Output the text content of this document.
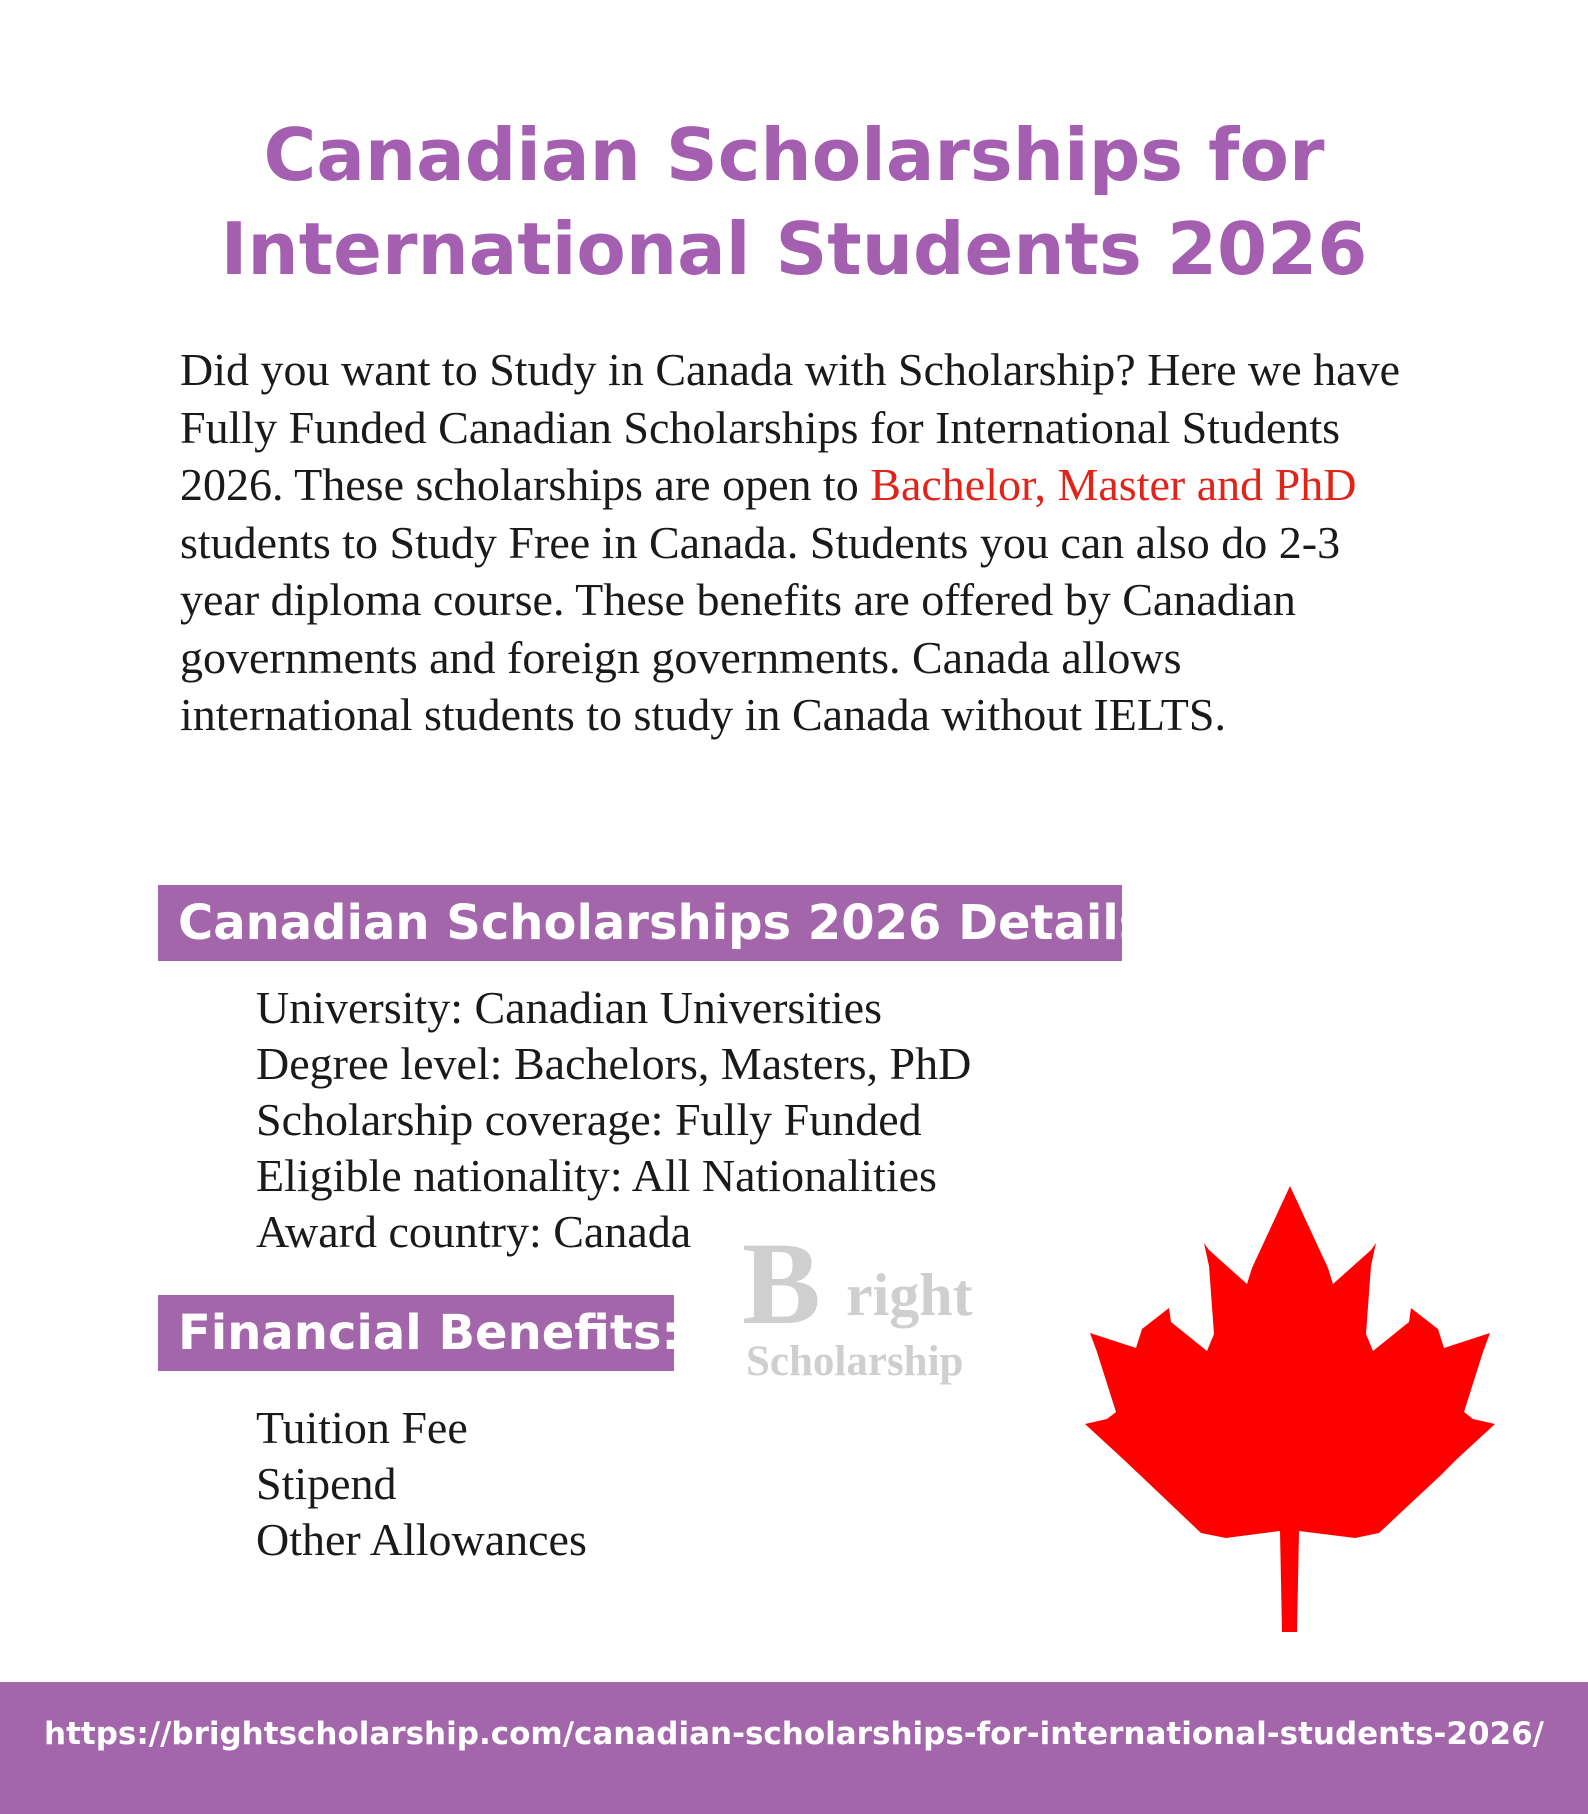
Canadian Scholarships for
International Students 2026

Did you want to Study in Canada with Scholarship? Here we have Fully Funded Canadian Scholarships for International Students 2026. These scholarships are open to Bachelor, Master and PhD students to Study Free in Canada. Students you can also do 2-3 year diploma course. These benefits are offered by Canadian governments and foreign governments. Canada allows international students to study in Canada without IELTS.

Canadian Scholarships 2026 Details:
University: Canadian Universities
Degree level: Bachelors, Masters, PhD
Scholarship coverage: Fully Funded
Eligible nationality: All Nationalities
Award country: Canada B right
Scholarship
Financial Benefits:
Tuition Fee
Stipend
Other Allowances
https://brightscholarship.com/canadian-scholarships-for-international-students-2026/
